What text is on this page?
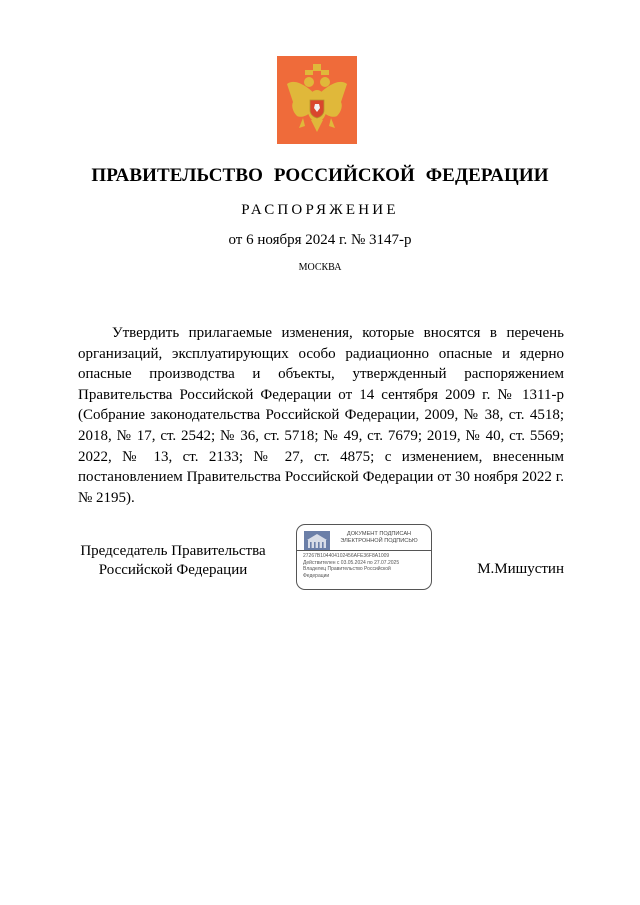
ПРАВИТЕЛЬСТВО РОССИЙСКОЙ ФЕДЕРАЦИИ
РАСПОРЯЖЕНИЕ
от 6 ноября 2024 г. № 3147-р
МОСКВА

Утвердить прилагаемые изменения, которые вносятся в перечень организаций, эксплуатирующих особо радиационно опасные и ядерно опасные производства и объекты, утвержденный распоряжением Правительства Российской Федерации от 14 сентября 2009 г. № 1311-р (Собрание законодательства Российской Федерации, 2009, № 38, ст. 4518; 2018, № 17, ст. 2542; № 36, ст. 5718; № 49, ст. 7679; 2019, № 40, ст. 5569; 2022, № 13, ст. 2133; № 27, ст. 4875; с изменением, внесенным постановлением Правительства Российской Федерации от 30 ноября 2022 г. № 2195).

Председатель Правительства
Российской Федерации
ДОКУМЕНТ ПОДПИСАН
ЭЛЕКТРОННОЙ ПОДПИСЬЮ
27267B104404102456AFE36F8A1009
Действителен с 03.05.2024 по 27.07.2025
Владелец Правительство Российской
Федерации	М.Мишустин
